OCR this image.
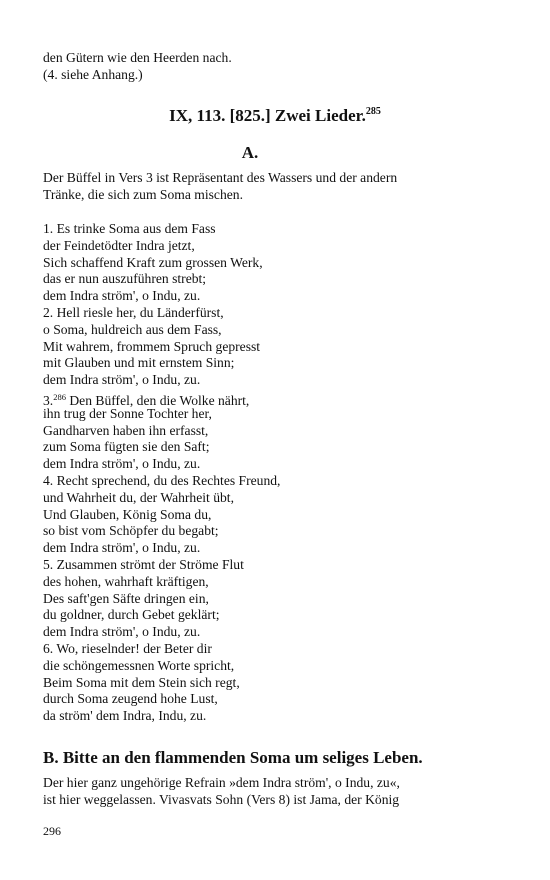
den Gütern wie den Heerden nach.
(4. siehe Anhang.)
IX, 113. [825.] Zwei Lieder.$^{285}$
A.
Der Büffel in Vers 3 ist Repräsentant des Wassers und der andern
Tränke, die sich zum Soma mischen.
1. Es trinke Soma aus dem Fass
der Feindetödter Indra jetzt,
Sich schaffend Kraft zum grossen Werk,
das er nun auszuführen strebt;
dem Indra ström', o Indu, zu.
2. Hell riesle her, du Länderfürst,
o Soma, huldreich aus dem Fass,
Mit wahrem, frommem Spruch gepresst
mit Glauben und mit ernstem Sinn;
dem Indra ström', o Indu, zu.
3.$^{286}$ Den Büffel, den die Wolke nährt,
ihn trug der Sonne Tochter her,
Gandharven haben ihn erfasst,
zum Soma fügten sie den Saft;
dem Indra ström', o Indu, zu.
4. Recht sprechend, du des Rechtes Freund,
und Wahrheit du, der Wahrheit übt,
Und Glauben, König Soma du,
so bist vom Schöpfer du begabt;
dem Indra ström', o Indu, zu.
5. Zusammen strömt der Ströme Flut
des hohen, wahrhaft kräftigen,
Des saft'gen Säfte dringen ein,
du goldner, durch Gebet geklärt;
dem Indra ström', o Indu, zu.
6. Wo, rieselnder! der Beter dir
die schöngemessnen Worte spricht,
Beim Soma mit dem Stein sich regt,
durch Soma zeugend hohe Lust,
da ström' dem Indra, Indu, zu.
B. Bitte an den flammenden Soma um seliges Leben.
Der hier ganz ungehörige Refrain »dem Indra ström', o Indu, zu«,
ist hier weggelassen. Vivasvats Sohn (Vers 8) ist Jama, der König
296
